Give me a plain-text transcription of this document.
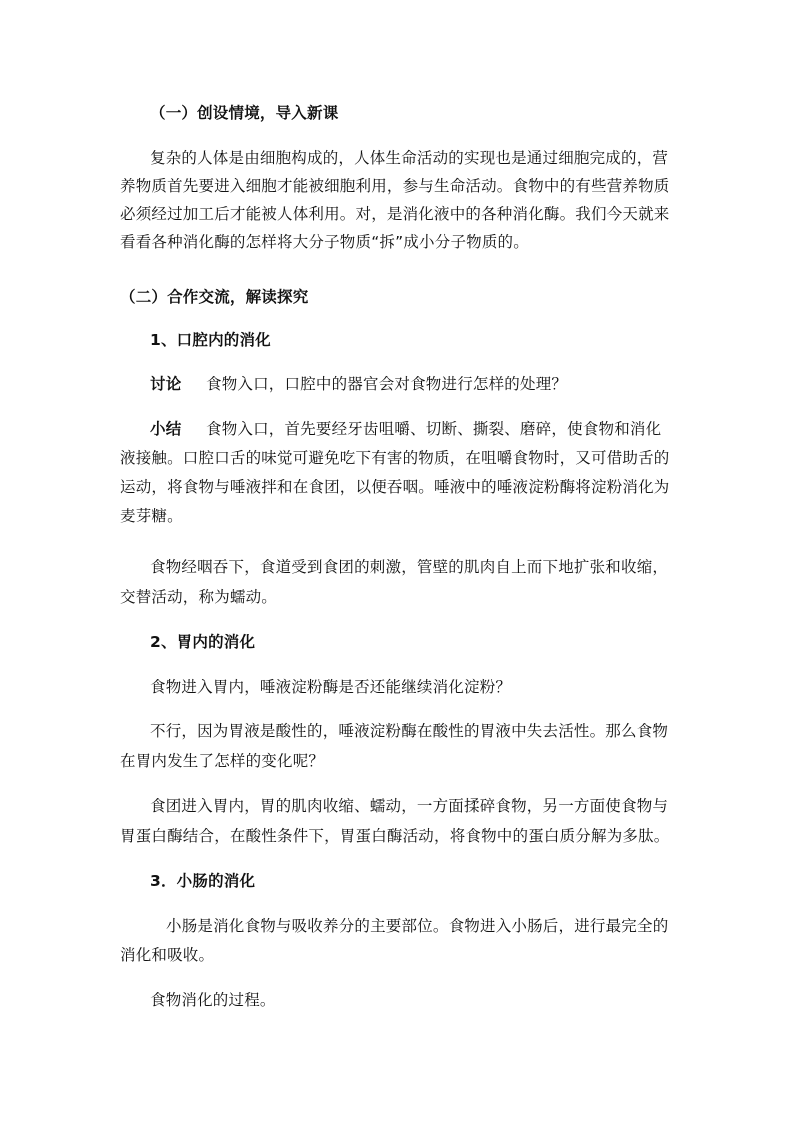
（一）创设情境，导入新课
复杂的人体是由细胞构成的，人体生命活动的实现也是通过细胞完成的，营
养物质首先要进入细胞才能被细胞利用，参与生命活动。食物中的有些营养物质
必须经过加工后才能被人体利用。对，是消化液中的各种消化酶。我们今天就来
看看各种消化酶的怎样将大分子物质“拆”成小分子物质的。
（二）合作交流，解读探究
1、口腔内的消化
讨论 食物入口，口腔中的器官会对食物进行怎样的处理？
小结 食物入口，首先要经牙齿咀嚼、切断、撕裂、磨碎，使食物和消化
液接触。口腔口舌的味觉可避免吃下有害的物质，在咀嚼食物时，又可借助舌的
运动，将食物与唾液拌和在食团，以便吞咽。唾液中的唾液淀粉酶将淀粉消化为
麦芽糖。
食物经咽吞下，食道受到食团的刺激，管壁的肌肉自上而下地扩张和收缩，
交替活动，称为蠕动。
2、胃内的消化
食物进入胃内，唾液淀粉酶是否还能继续消化淀粉？
不行，因为胃液是酸性的，唾液淀粉酶在酸性的胃液中失去活性。那么食物
在胃内发生了怎样的变化呢？
食团进入胃内，胃的肌肉收缩、蠕动，一方面揉碎食物，另一方面使食物与
胃蛋白酶结合，在酸性条件下，胃蛋白酶活动，将食物中的蛋白质分解为多肽。
3．小肠的消化
小肠是消化食物与吸收养分的主要部位。食物进入小肠后，进行最完全的
消化和吸收。
食物消化的过程。
